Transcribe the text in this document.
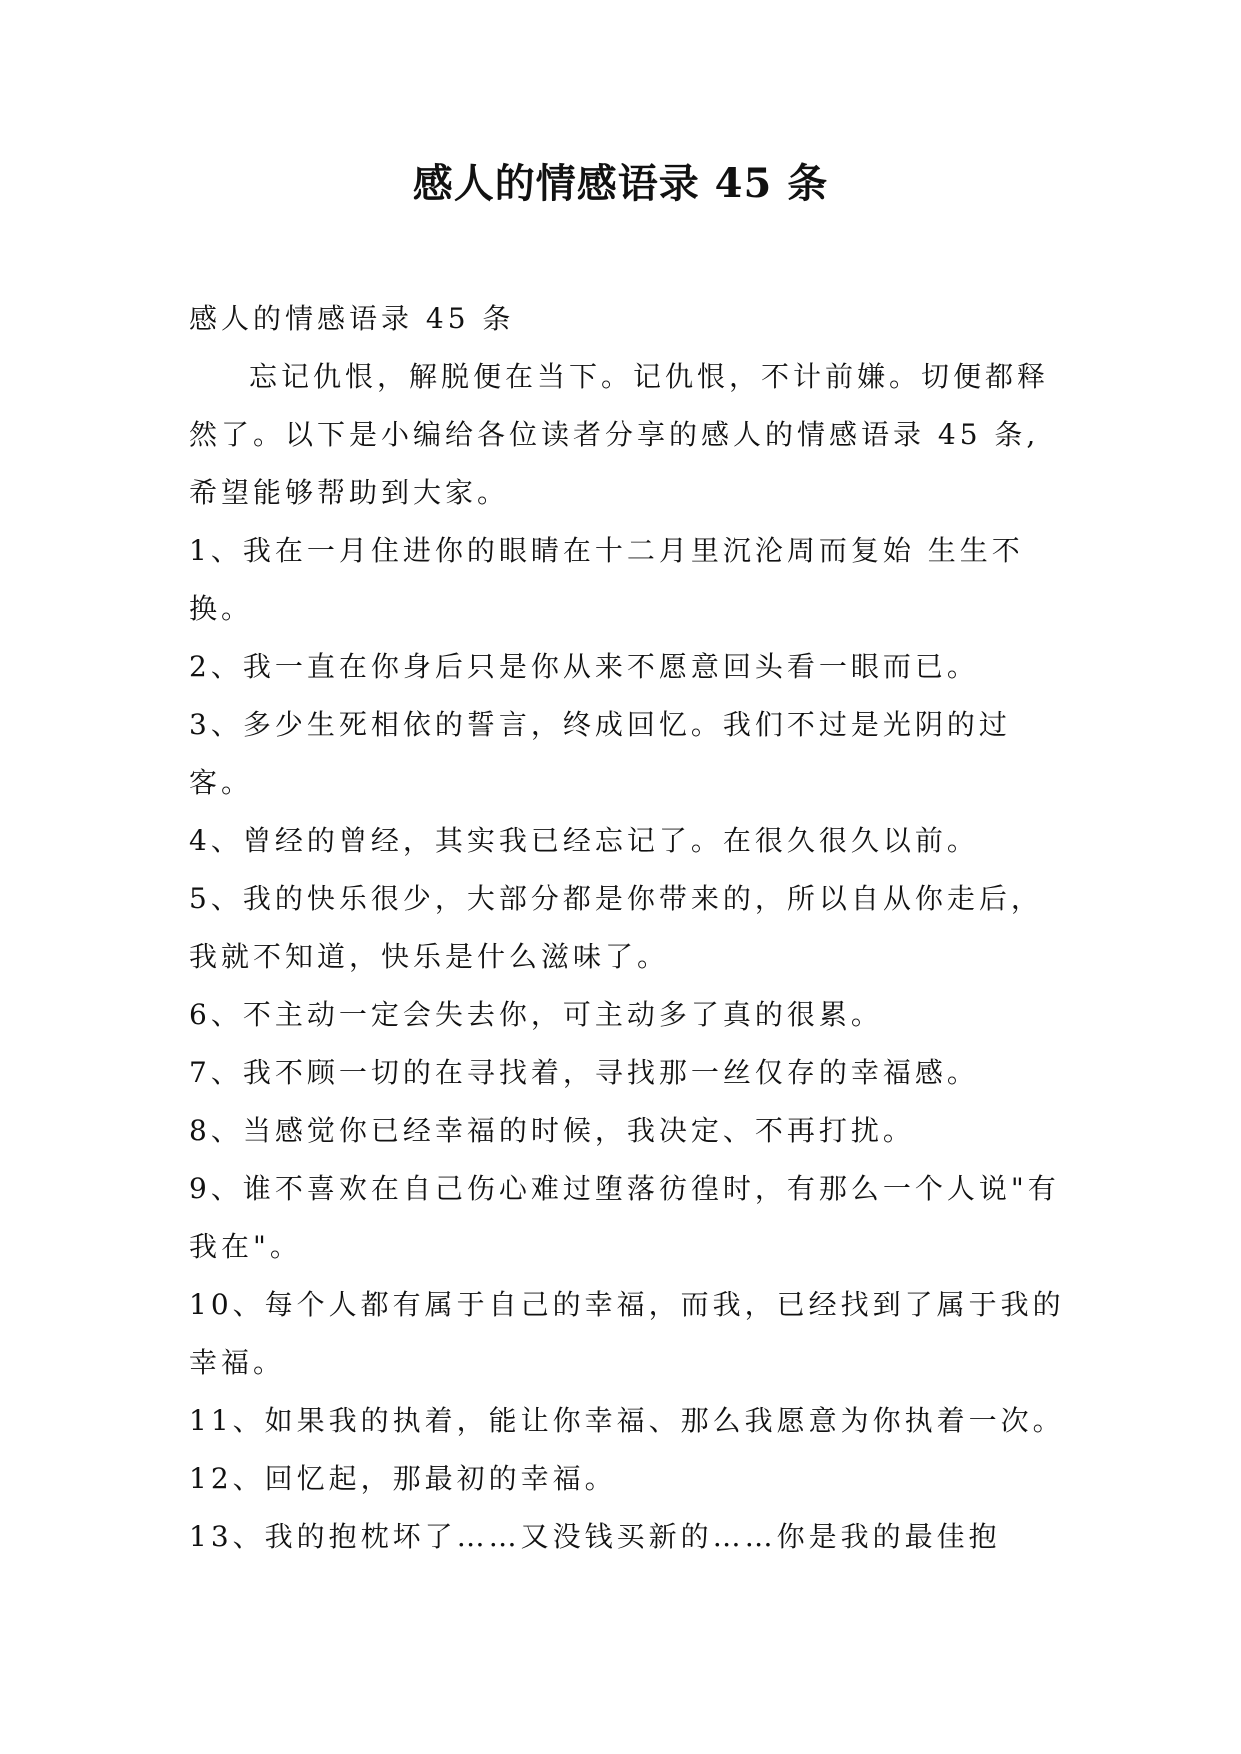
感人的情感语录 45 条

感人的情感语录 45 条

忘记仇恨，解脱便在当下。记仇恨，不计前嫌。切便都释然了。以下是小编给各位读者分享的感人的情感语录 45 条,希望能够帮助到大家。

1、我在一月住进你的眼睛在十二月里沉沦周而复始 生生不换。

2、我一直在你身后只是你从来不愿意回头看一眼而已。

3、多少生死相依的誓言，终成回忆。我们不过是光阴的过客。

4、曾经的曾经，其实我已经忘记了。在很久很久以前。

5、我的快乐很少，大部分都是你带来的，所以自从你走后，我就不知道，快乐是什么滋味了。

6、不主动一定会失去你，可主动多了真的很累。

7、我不顾一切的在寻找着，寻找那一丝仅存的幸福感。

8、当感觉你已经幸福的时候，我决定、不再打扰。

9、谁不喜欢在自己伤心难过堕落彷徨时，有那么一个人说"有我在"。

10、每个人都有属于自己的幸福，而我，已经找到了属于我的幸福。

11、如果我的执着，能让你幸福、那么我愿意为你执着一次。

12、回忆起，那最初的幸福。

13、我的抱枕坏了……又没钱买新的……你是我的最佳抱
